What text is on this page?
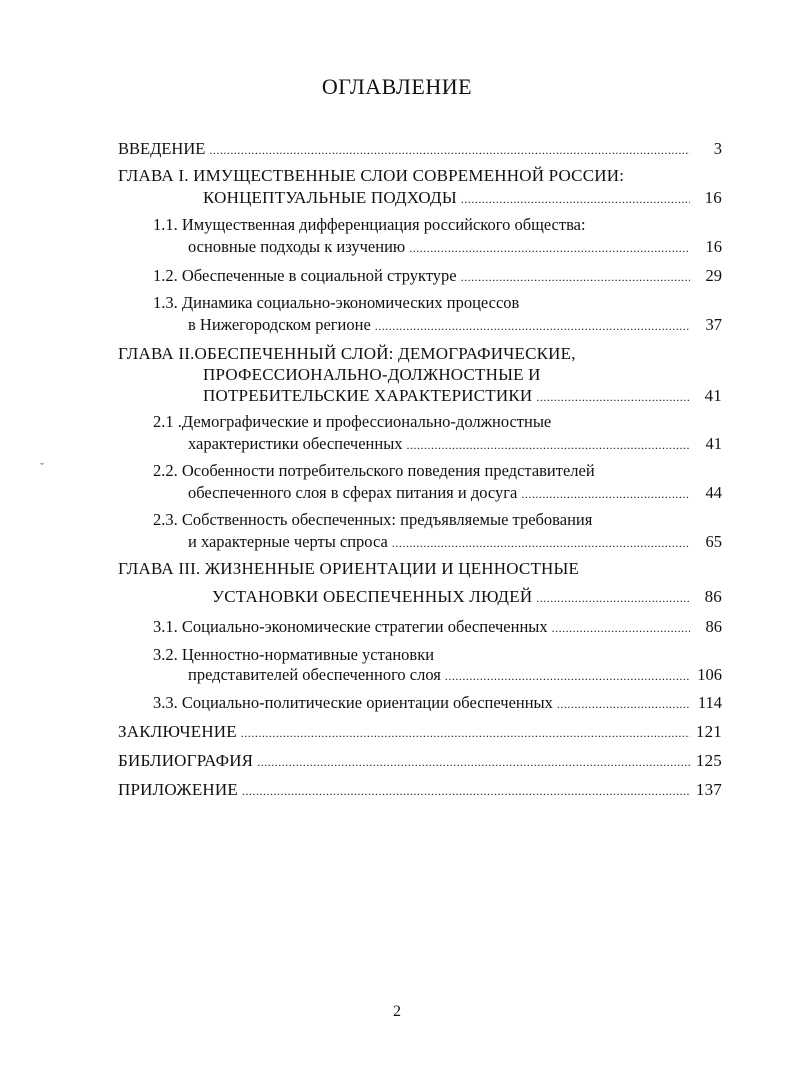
ОГЛАВЛЕНИЕ
ВВЕДЕНИЕ .....	3
ГЛАВА I. ИМУЩЕСТВЕННЫЕ СЛОИ СОВРЕМЕННОЙ РОССИИ:
КОНЦЕПТУАЛЬНЫЕ ПОДХОДЫ .....	16
1.1. Имущественная дифференциация российского общества:
основные подходы к изучению .....	16
1.2. Обеспеченные в социальной структуре .....	29
1.3. Динамика социально-экономических процессов
в Нижегородском регионе .....	37
ГЛАВА II.ОБЕСПЕЧЕННЫЙ СЛОЙ: ДЕМОГРАФИЧЕСКИЕ,
ПРОФЕССИОНАЛЬНО-ДОЛЖНОСТНЫЕ И
ПОТРЕБИТЕЛЬСКИЕ ХАРАКТЕРИСТИКИ .....	41
2.1 .Демографические и профессионально-должностные
характеристики обеспеченных .....	41
2.2. Особенности потребительского поведения представителей
обеспеченного слоя в сферах питания и досуга .....	44
2.3. Собственность обеспеченных: предъявляемые требования
и характерные черты спроса .....	65
ГЛАВА III. ЖИЗНЕННЫЕ ОРИЕНТАЦИИ И ЦЕННОСТНЫЕ
УСТАНОВКИ ОБЕСПЕЧЕННЫХ ЛЮДЕЙ .....	86
3.1. Социально-экономические стратегии обеспеченных .....	86
3.2. Ценностно-нормативные установки
представителей обеспеченного слоя .....	106
3.3. Социально-политические ориентации обеспеченных .....	114
ЗАКЛЮЧЕНИЕ .....	121
БИБЛИОГРАФИЯ .....	125
ПРИЛОЖЕНИЕ .....	137
˘
2
